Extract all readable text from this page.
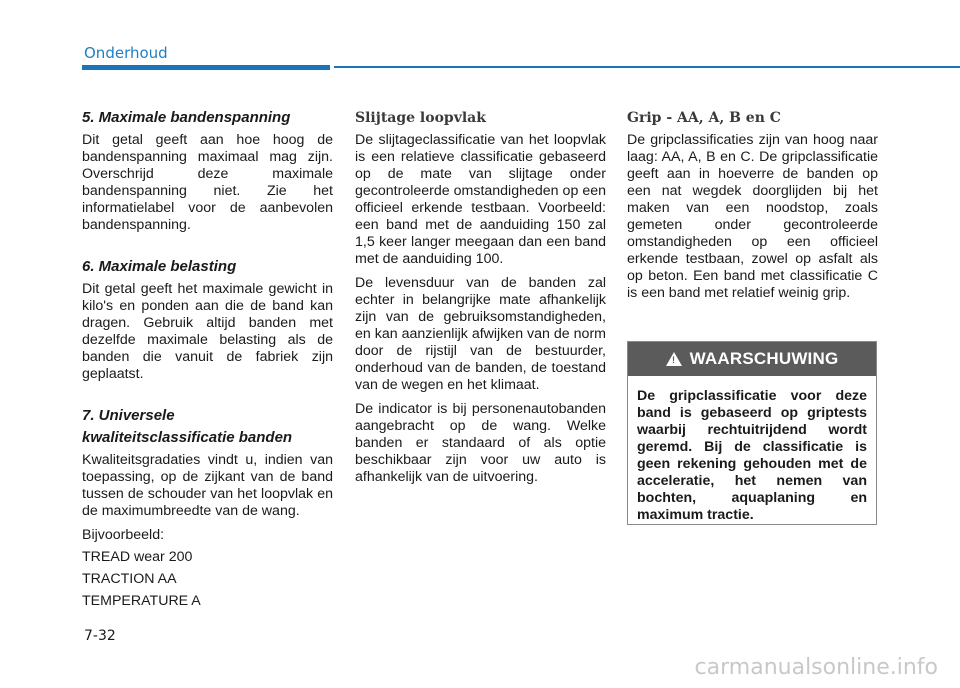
Onderhoud
5. Maximale bandenspanning

Dit getal geeft aan hoe hoog de bandenspanning maximaal mag zijn. Overschrijd deze maximale bandenspanning niet. Zie het informatielabel voor de aanbevolen bandenspanning.

6. Maximale belasting

Dit getal geeft het maximale gewicht in kilo's en ponden aan die de band kan dragen. Gebruik altijd banden met dezelfde maximale belasting als de banden die vanuit de fabriek zijn geplaatst.

7. Universele
kwaliteitsclassificatie banden

Kwaliteitsgradaties vindt u, indien van toepassing, op de zijkant van de band tussen de schouder van het loopvlak en de maximumbreedte van de wang.

Bijvoorbeeld:

TREAD wear 200

TRACTION AA

TEMPERATURE A

Slijtage loopvlak

De slijtageclassificatie van het loopvlak is een relatieve classificatie gebaseerd op de mate van slijtage onder gecontroleerde omstandigheden op een officieel erkende testbaan. Voorbeeld: een band met de aanduiding 150 zal 1,5 keer langer meegaan dan een band met de aanduiding 100.

De levensduur van de banden zal echter in belangrijke mate afhankelijk zijn van de gebruiksomstandigheden, en kan aanzienlijk afwijken van de norm door de rijstijl van de bestuurder, onderhoud van de banden, de toestand van de wegen en het klimaat.

De indicator is bij personenautobanden aangebracht op de wang. Welke banden er standaard of als optie beschikbaar zijn voor uw auto is afhankelijk van de uitvoering.

Grip - AA, A, B en C

De gripclassificaties zijn van hoog naar laag: AA, A, B en C. De gripclassificatie geeft aan in hoeverre de banden op een nat wegdek doorglijden bij het maken van een noodstop, zoals gemeten onder gecontroleerde omstandigheden op een officieel erkende testbaan, zowel op asfalt als op beton. Een band met classificatie C is een band met relatief weinig grip.

! WAARSCHUWING
De gripclassificatie voor deze band is gebaseerd op griptests waarbij rechtuitrijdend wordt geremd. Bij de classificatie is geen rekening gehouden met de acceleratie, het nemen van bochten, aquaplaning en maximum tractie.
7-32
carmanualsonline.info
